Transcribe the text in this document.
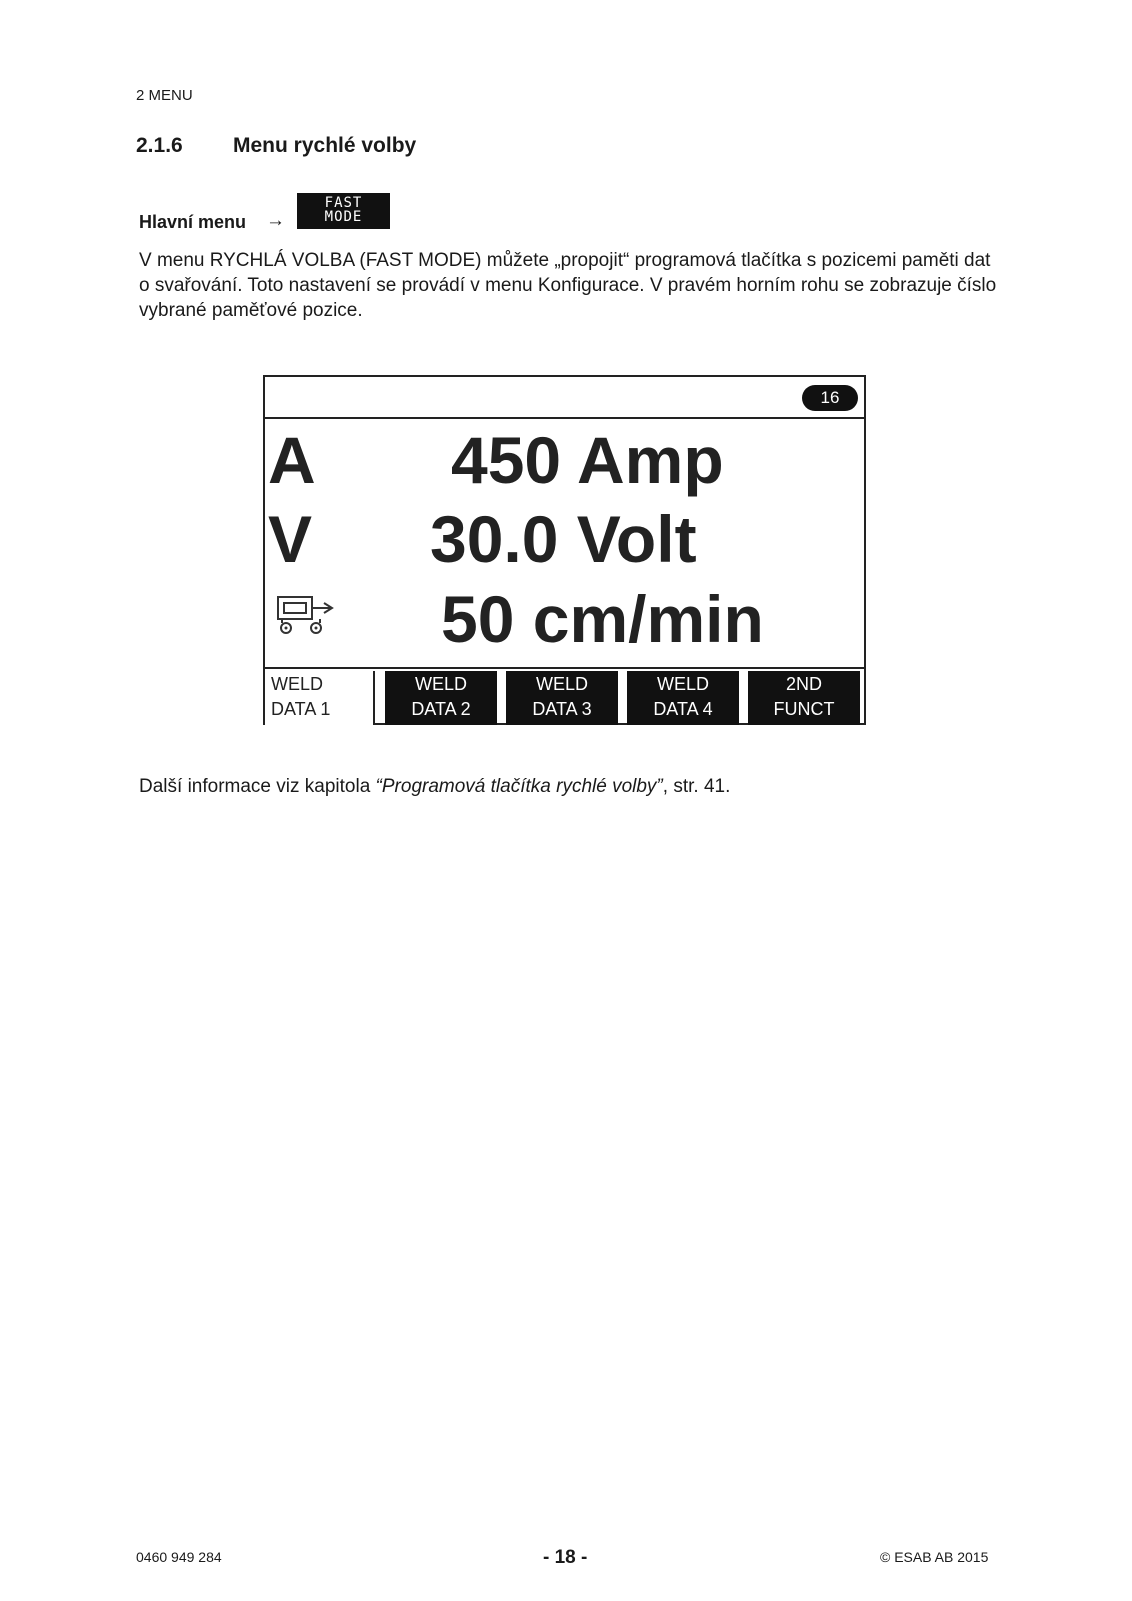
2 MENU
2.1.6 Menu rychlé volby
Hlavní menu →
FAST
MODE
V menu RYCHLÁ VOLBA (FAST MODE) můžete „propojit“ programová tlačítka s pozicemi paměti dat o svařování. Toto nastavení se provádí v menu Konfigurace. V pravém horním rohu se zobrazuje číslo vybrané paměťové pozice.
16
A 450 Amp
V 30.0 Volt
50 cm/min
WELD
DATA 1
WELD
DATA 2
WELD
DATA 3
WELD
DATA 4
2ND
FUNCT
Další informace viz kapitola “Programová tlačítka rychlé volby”, str. 41.
0460 949 284	- 18 -	© ESAB AB 2015
